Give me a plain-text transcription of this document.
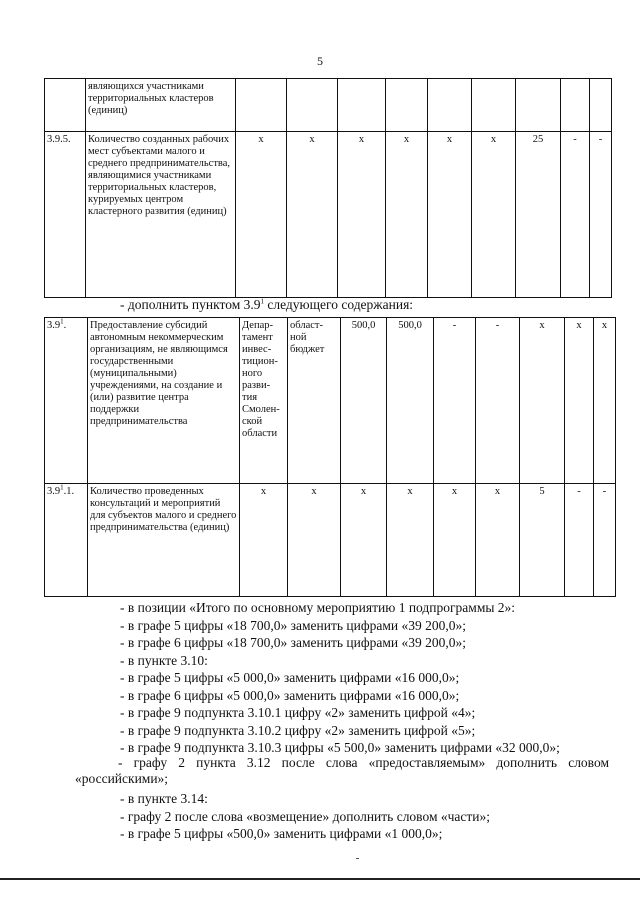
5
	являющихся участниками территориальных кластеров (единиц)									
3.9.5.	Количество созданных рабочих мест субъектами малого и среднего предпринимательства, являющимися участниками территориальных кластеров, курируемых центром кластерного развития (единиц)	х	х	х	х	х	х	25	-	-
- дополнить пунктом $3.9^1$ следующего содержания:
$3.9^1$.	Предоставление субсидий автономным некоммерческим организациям, не являющимся государственными (муниципальными) учреждениями, на создание и (или) развитие центра поддержки предпринимательства	Депар-тамент инвес-тицион-ного разви-тия Смолен-ской области	област-ной бюджет	500,0	500,0	-	-	х	х	х
$3.9^1.1$.	Количество проведенных консультаций и мероприятий для субъектов малого и среднего предпринимательства (единиц)	х	х	х	х	х	х	5	-	-
- в позиции «Итого по основному мероприятию 1 подпрограммы 2»:
- в графе 5 цифры «18 700,0» заменить цифрами «39 200,0»;
- в графе 6 цифры «18 700,0» заменить цифрами «39 200,0»;
- в пункте 3.10:
- в графе 5 цифры «5 000,0» заменить цифрами «16 000,0»;
- в графе 6 цифры «5 000,0» заменить цифрами «16 000,0»;
- в графе 9 подпункта 3.10.1 цифру «2» заменить цифрой «4»;
- в графе 9 подпункта 3.10.2 цифру «2» заменить цифрой «5»;
- в графе 9 подпункта 3.10.3 цифры «5 500,0» заменить цифрами «32 000,0»;
- графу 2 пункта 3.12 после слова «предоставляемым» дополнить словом
«российскими»;
- в пункте 3.14:
- графу 2 после слова «возмещение» дополнить словом «части»;
- в графе 5 цифры «500,0» заменить цифрами «1 000,0»;
